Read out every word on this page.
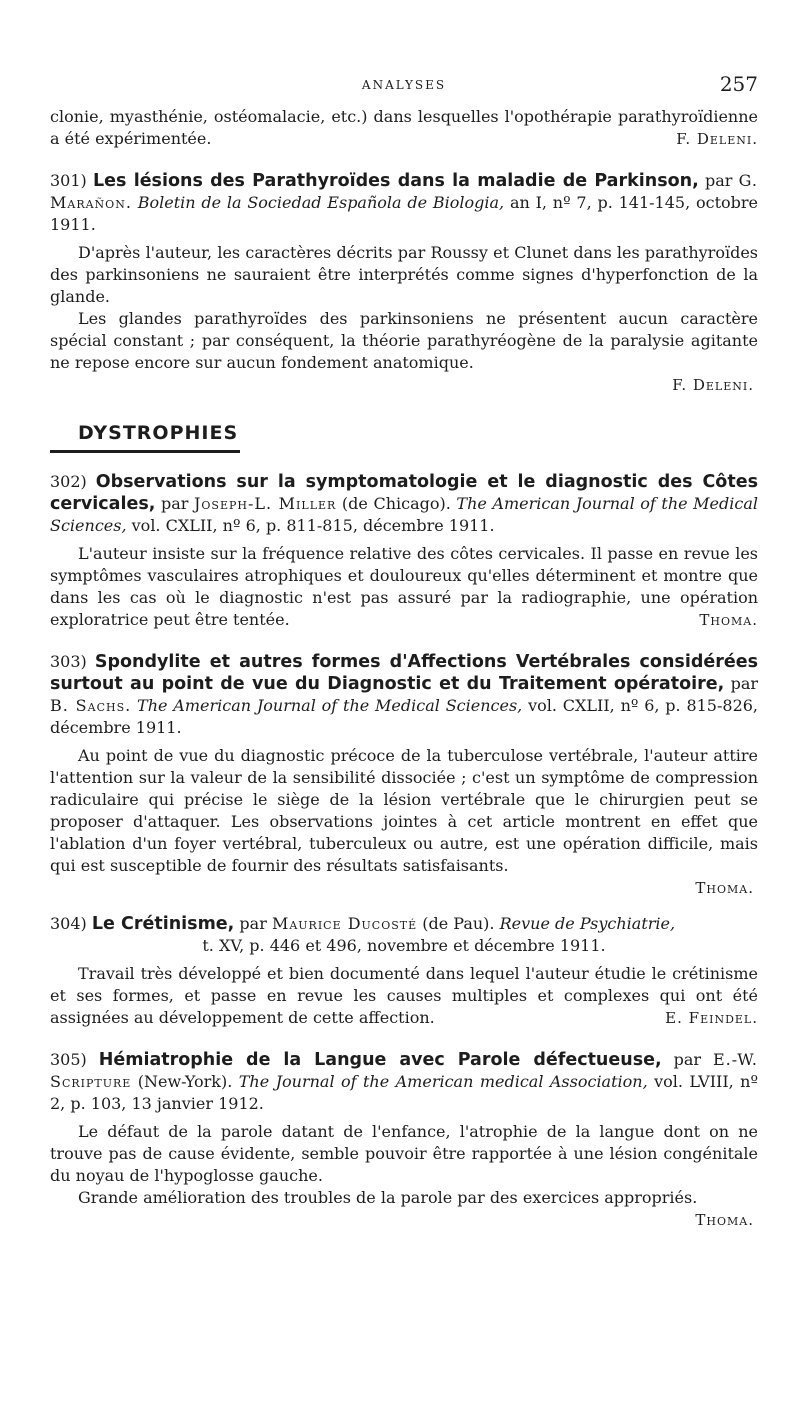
ANALYSES	257

clonie, myasthénie, ostéomalacie, etc.) dans lesquelles l'opothérapie parathyroïdienne a été expérimentée.	F. Deleni.

301) Les lésions des Parathyroïdes dans la maladie de Parkinson, par G. Marañon. Boletin de la Sociedad Española de Biologia, an I, nº 7, p. 141-145, octobre 1911.

D'après l'auteur, les caractères décrits par Roussy et Clunet dans les parathyroïdes des parkinsoniens ne sauraient être interprétés comme signes d'hyperfonction de la glande.

Les glandes parathyroïdes des parkinsoniens ne présentent aucun caractère spécial constant ; par conséquent, la théorie parathyréogène de la paralysie agitante ne repose encore sur aucun fondement anatomique.

F. Deleni.
DYSTROPHIES

302) Observations sur la symptomatologie et le diagnostic des Côtes cervicales, par Joseph-L. Miller (de Chicago). The American Journal of the Medical Sciences, vol. CXLII, nº 6, p. 811-815, décembre 1911.

L'auteur insiste sur la fréquence relative des côtes cervicales. Il passe en revue les symptômes vasculaires atrophiques et douloureux qu'elles déterminent et montre que dans les cas où le diagnostic n'est pas assuré par la radiographie, une opération exploratrice peut être tentée.	Thoma.

303) Spondylite et autres formes d'Affections Vertébrales considérées surtout au point de vue du Diagnostic et du Traitement opératoire, par B. Sachs. The American Journal of the Medical Sciences, vol. CXLII, nº 6, p. 815-826, décembre 1911.

Au point de vue du diagnostic précoce de la tuberculose vertébrale, l'auteur attire l'attention sur la valeur de la sensibilité dissociée ; c'est un symptôme de compression radiculaire qui précise le siège de la lésion vertébrale que le chirurgien peut se proposer d'attaquer. Les observations jointes à cet article montrent en effet que l'ablation d'un foyer vertébral, tuberculeux ou autre, est une opération difficile, mais qui est susceptible de fournir des résultats satisfaisants.

Thoma.

304) Le Crétinisme, par Maurice Ducosté (de Pau). Revue de Psychiatrie,

t. XV, p. 446 et 496, novembre et décembre 1911.

Travail très développé et bien documenté dans lequel l'auteur étudie le crétinisme et ses formes, et passe en revue les causes multiples et complexes qui ont été assignées au développement de cette affection.	E. Feindel.

305) Hémiatrophie de la Langue avec Parole défectueuse, par E.-W. Scripture (New-York). The Journal of the American medical Association, vol. LVIII, nº 2, p. 103, 13 janvier 1912.

Le défaut de la parole datant de l'enfance, l'atrophie de la langue dont on ne trouve pas de cause évidente, semble pouvoir être rapportée à une lésion congénitale du noyau de l'hypoglosse gauche.

Grande amélioration des troubles de la parole par des exercices appropriés.

Thoma.
